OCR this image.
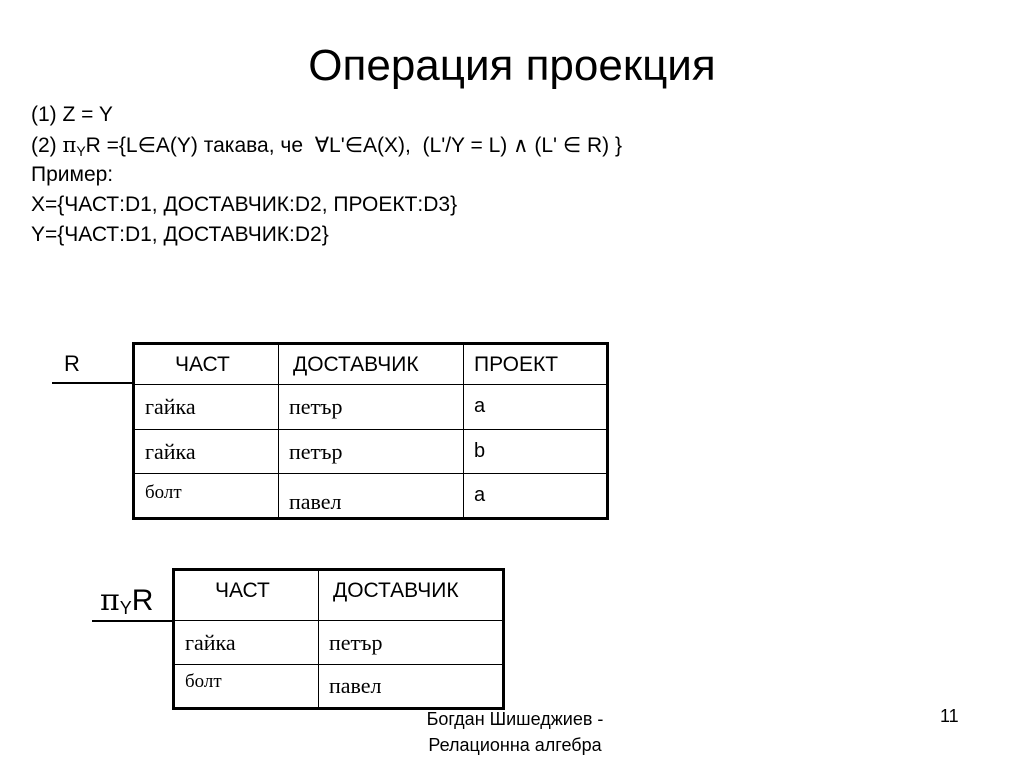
Операция проекция
(1) Z = Y
(2) πYR ={L∈A(Y) такава, че  ∀L'∈A(X),  (L'/Y = L) ∧ (L' ∈ R) }
Пример:
X={ЧАСТ:D1, ДОСТАВЧИК:D2, ПРОЕКТ:D3}
Y={ЧАСТ:D1, ДОСТАВЧИК:D2}
R	ЧАСТ	ДОСТАВЧИК	ПРОЕКТ
гайка	петър	a
гайка	петър	b
болт	павел	a
πYR	ЧАСТ	ДОСТАВЧИК
гайка	петър
болт	павел
Богдан Шишеджиев -
Релационна алгебра
11
